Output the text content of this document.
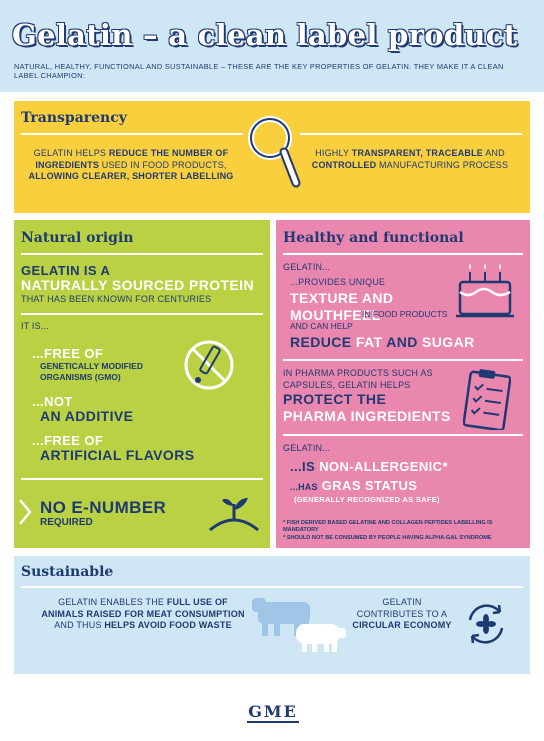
Gelatin – a clean label product
NATURAL, HEALTHY, FUNCTIONAL AND SUSTAINABLE – THESE ARE THE KEY PROPERTIES OF GELATIN. THEY MAKE IT A CLEAN LABEL CHAMPION:
Transparency
GELATIN HELPS REDUCE THE NUMBER OF INGREDIENTS USED IN FOOD PRODUCTS, ALLOWING CLEARER, SHORTER LABELLING
HIGHLY TRANSPARENT, TRACEABLE AND CONTROLLED MANUFACTURING PROCESS
Natural origin
GELATIN IS A
NATURALLY SOURCED PROTEIN
THAT HAS BEEN KNOWN FOR CENTURIES
IT IS...
...FREE OF
GENETICALLY MODIFIED ORGANISMS (GMO)
...NOT
AN ADDITIVE
...FREE OF
ARTIFICIAL FLAVORS
NO E-NUMBER
REQUIRED
Healthy and functional
GELATIN...
...PROVIDES UNIQUE
TEXTURE AND MOUTHFEEL
IN FOOD PRODUCTS AND CAN HELP
REDUCE FAT AND SUGAR
IN PHARMA PRODUCTS SUCH AS CAPSULES, GELATIN HELPS
PROTECT THE
PHARMA INGREDIENTS
GELATIN...
...IS NON-ALLERGENIC*
...HAS GRAS STATUS
(GENERALLY RECOGNIZED AS SAFE)
* FISH DERIVED BASED GELATINE AND COLLAGEN PEPTIDES LABELLING IS MANDATORY
* SHOULD NOT BE CONSUMED BY PEOPLE HAVING ALPHA-GAL SYNDROME
Sustainable
GELATIN ENABLES THE FULL USE OF ANIMALS RAISED FOR MEAT CONSUMPTION AND THUS HELPS AVOID FOOD WASTE
GELATIN CONTRIBUTES TO A CIRCULAR ECONOMY
GME
